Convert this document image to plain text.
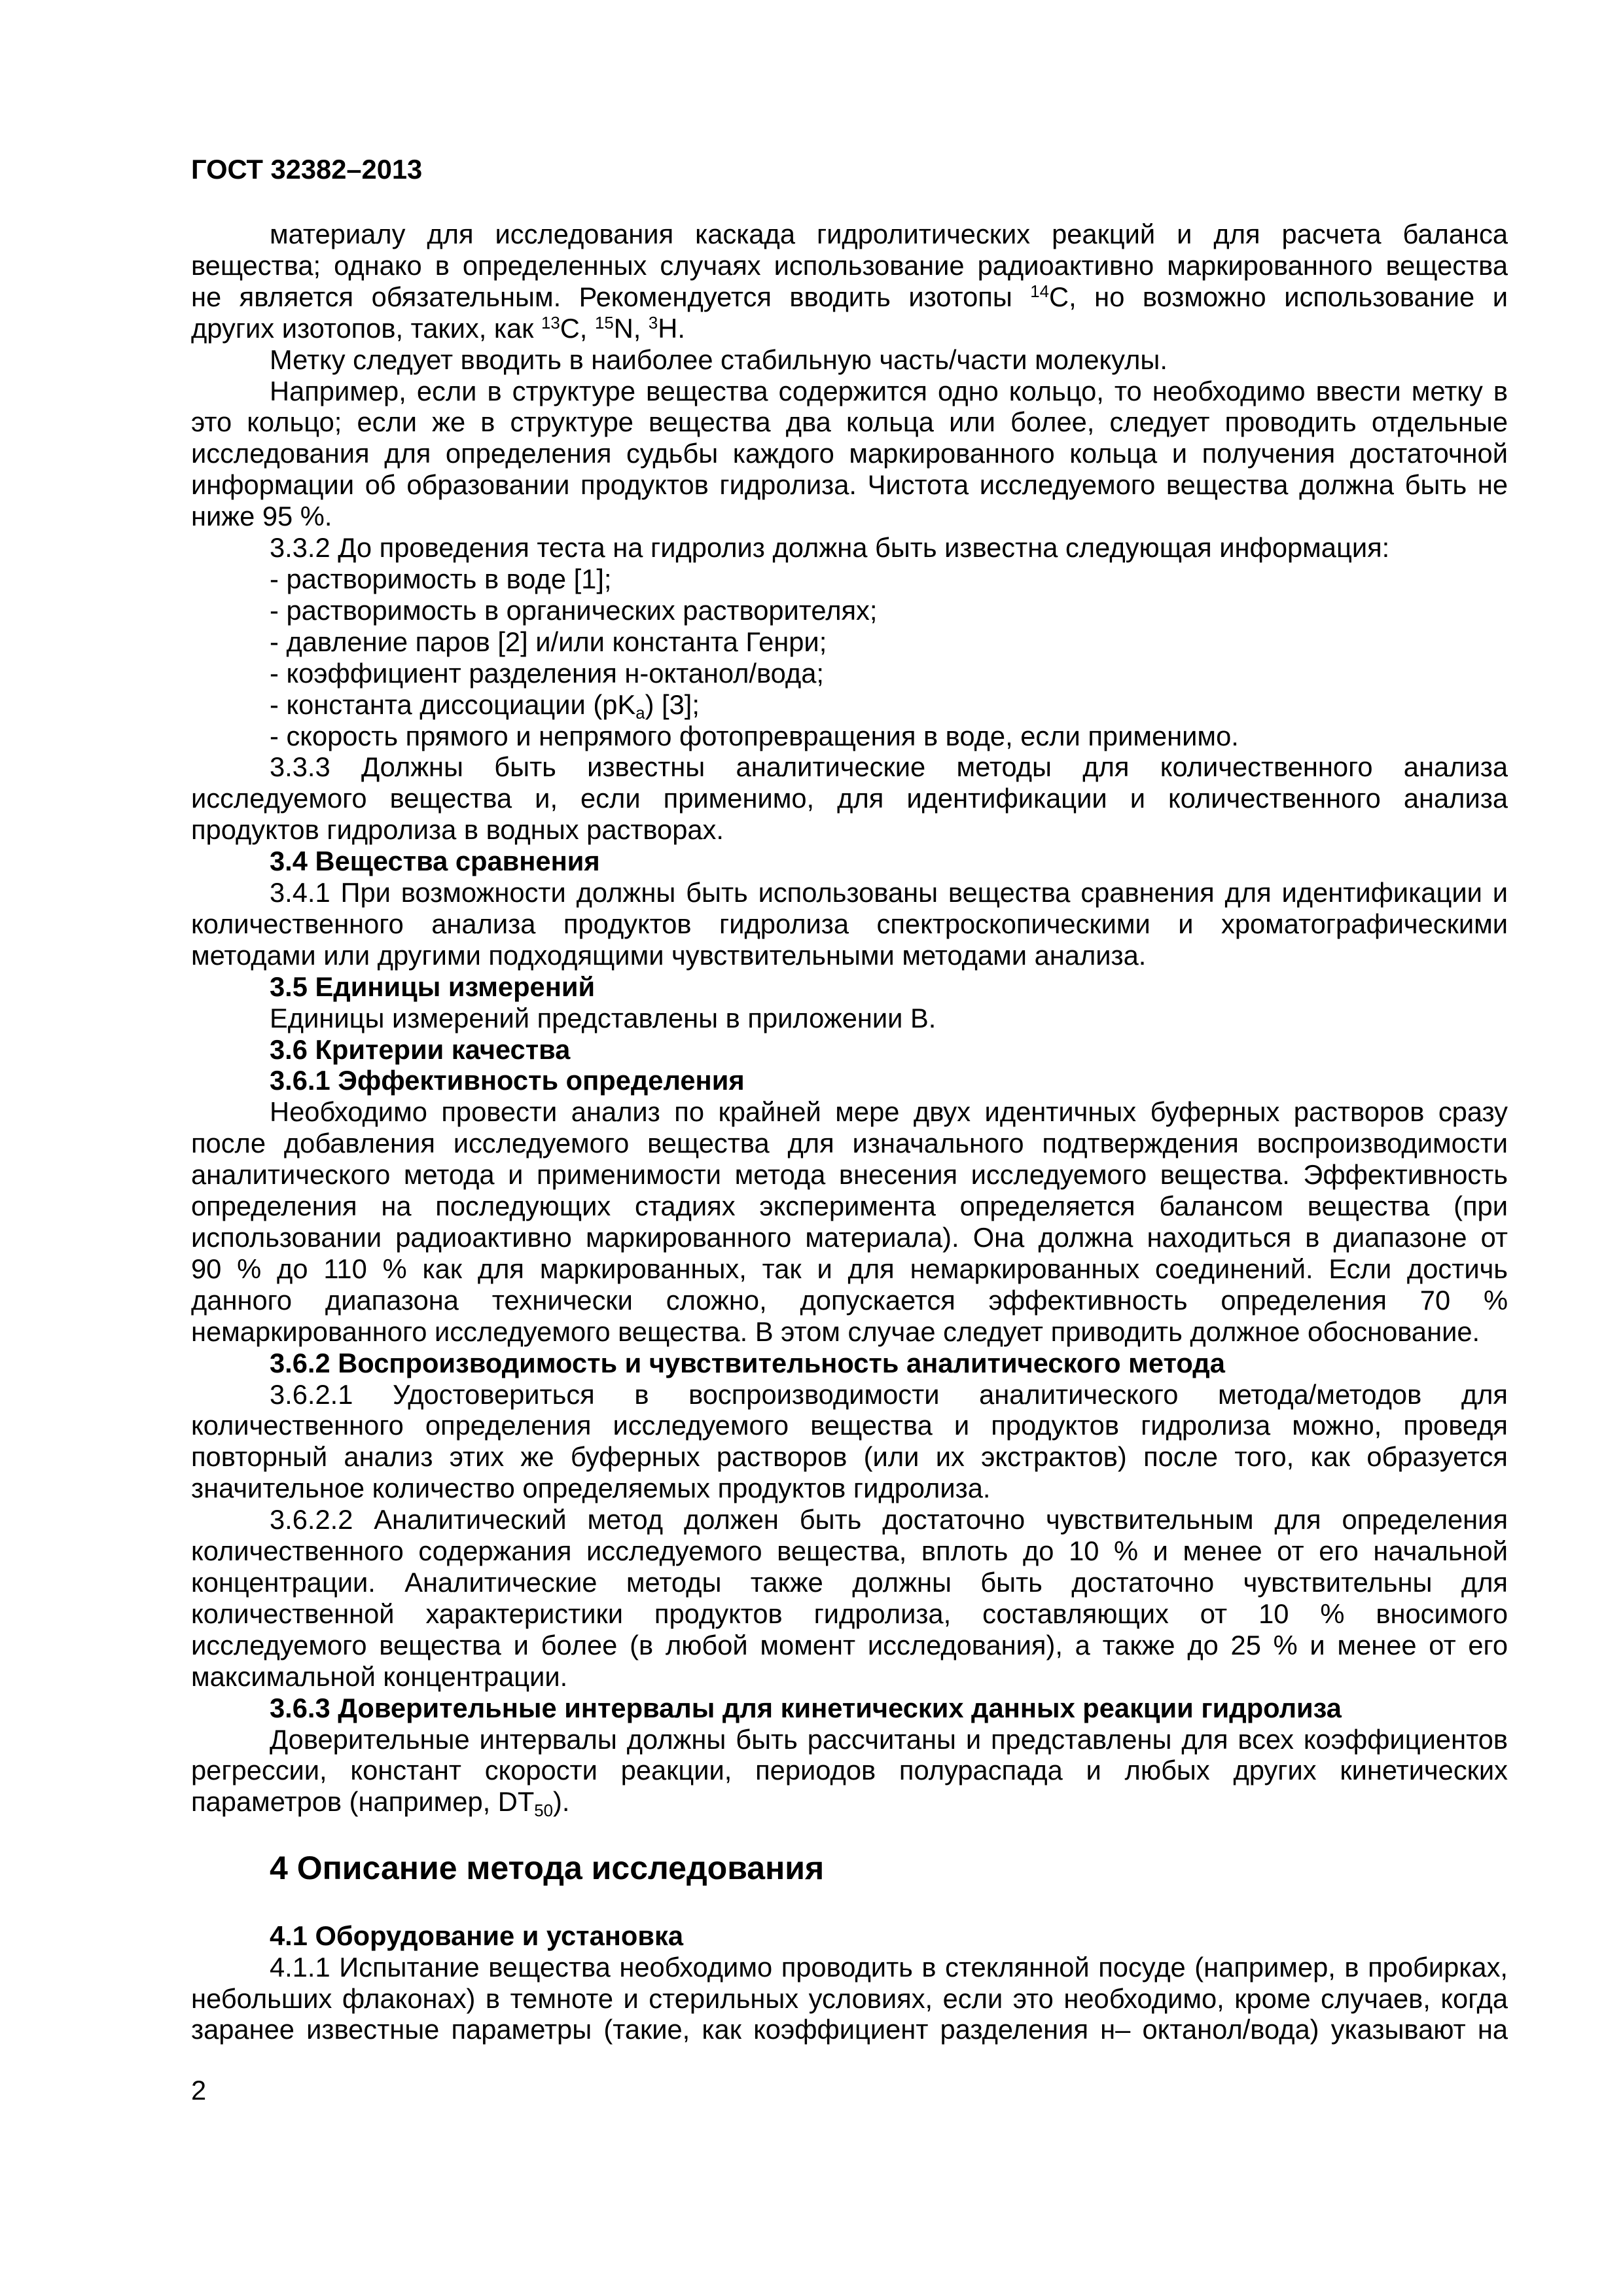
ГОСТ 32382–2013
материалу для исследования каскада гидролитических реакций и для расчета баланса
вещества; однако в определенных случаях использование радиоактивно маркированного вещества
не является обязательным. Рекомендуется вводить изотопы $^{14}$C, но возможно использование и
других изотопов, таких, как $^{13}$C, $^{15}$N, $^3$H.
Метку следует вводить в наиболее стабильную часть/части молекулы.
Например, если в структуре вещества содержится одно кольцо, то необходимо ввести метку в
это кольцо; если же в структуре вещества два кольца или более, следует проводить отдельные
исследования для определения судьбы каждого маркированного кольца и получения достаточной
информации об образовании продуктов гидролиза. Чистота исследуемого вещества должна быть не
ниже 95 %.
3.3.2 До проведения теста на гидролиз должна быть известна следующая информация:
- растворимость в воде [1];
- растворимость в органических растворителях;
- давление паров [2] и/или константа Генри;
- коэффициент разделения н-октанол/вода;
- константа диссоциации (pKa) [3];
- скорость прямого и непрямого фотопревращения в воде, если применимо.
3.3.3 Должны быть известны аналитические методы для количественного анализа
исследуемого вещества и, если применимо, для идентификации и количественного анализа
продуктов гидролиза в водных растворах.
3.4 Вещества сравнения
3.4.1 При возможности должны быть использованы вещества сравнения для идентификации и
количественного анализа продуктов гидролиза спектроскопическими и хроматографическими
методами или другими подходящими чувствительными методами анализа.
3.5 Единицы измерений
Единицы измерений представлены в приложении В.
3.6 Критерии качества
3.6.1 Эффективность определения
Необходимо провести анализ по крайней мере двух идентичных буферных растворов сразу
после добавления исследуемого вещества для изначального подтверждения воспроизводимости
аналитического метода и применимости метода внесения исследуемого вещества. Эффективность
определения на последующих стадиях эксперимента определяется балансом вещества (при
использовании радиоактивно маркированного материала). Она должна находиться в диапазоне от
90 % до 110 % как для маркированных, так и для немаркированных соединений. Если достичь
данного диапазона технически сложно, допускается эффективность определения 70 %
немаркированного исследуемого вещества. В этом случае следует приводить должное обоснование.
3.6.2 Воспроизводимость и чувствительность аналитического метода
3.6.2.1 Удостовериться в воспроизводимости аналитического метода/методов для
количественного определения исследуемого вещества и продуктов гидролиза можно, проведя
повторный анализ этих же буферных растворов (или их экстрактов) после того, как образуется
значительное количество определяемых продуктов гидролиза.
3.6.2.2 Аналитический метод должен быть достаточно чувствительным для определения
количественного содержания исследуемого вещества, вплоть до 10 % и менее от его начальной
концентрации. Аналитические методы также должны быть достаточно чувствительны для
количественной характеристики продуктов гидролиза, составляющих от 10 % вносимого
исследуемого вещества и более (в любой момент исследования), а также до 25 % и менее от его
максимальной концентрации.
3.6.3 Доверительные интервалы для кинетических данных реакции гидролиза
Доверительные интервалы должны быть рассчитаны и представлены для всех коэффициентов
регрессии, констант скорости реакции, периодов полураспада и любых других кинетических
параметров (например, DT50).
4 Описание метода исследования
4.1 Оборудование и установка
4.1.1 Испытание вещества необходимо проводить в стеклянной посуде (например, в пробирках,
небольших флаконах) в темноте и стерильных условиях, если это необходимо, кроме случаев, когда
заранее известные параметры (такие, как коэффициент разделения н– октанол/вода) указывают на
2
